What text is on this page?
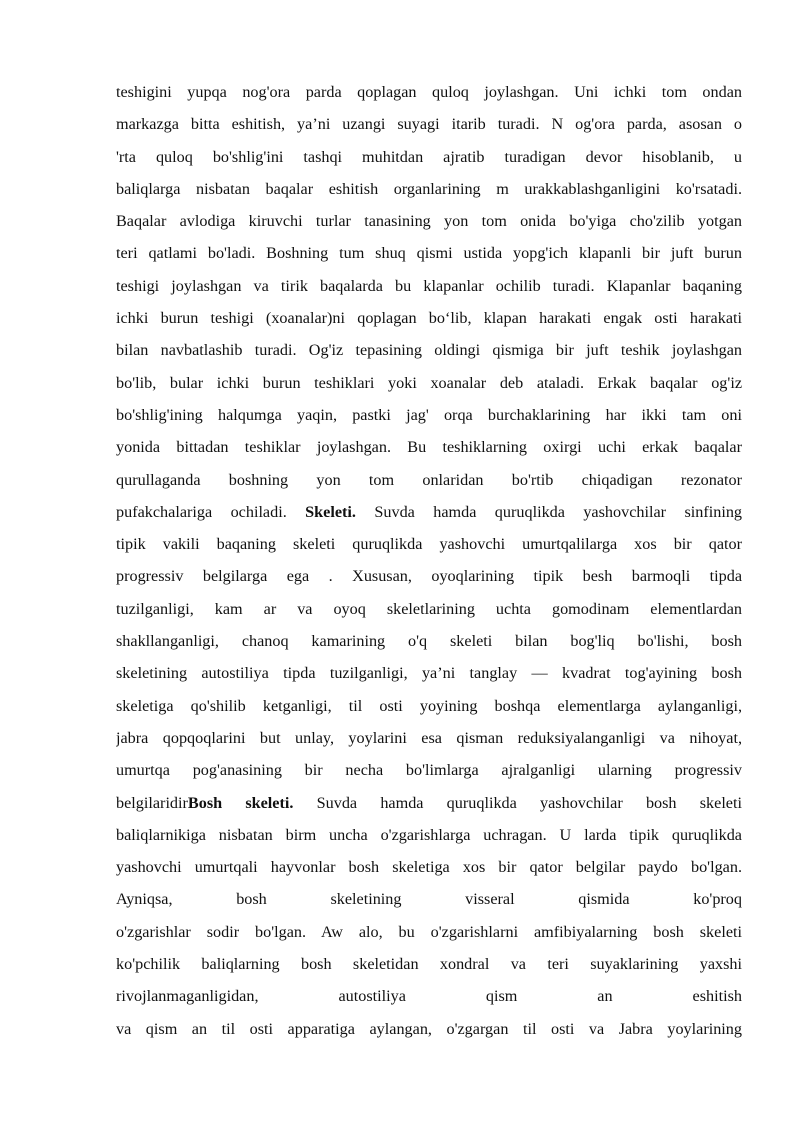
teshigini yupqa nog'ora parda qoplagan quloq joylashgan. Uni ichki tom ondan
markazga bitta eshitish, ya’ni uzangi suyagi itarib turadi. N og'ora parda, asosan o
'rta quloq bo'shlig'ini tashqi muhitdan ajratib turadigan devor hisoblanib, u
baliqlarga nisbatan baqalar eshitish organlarining m urakkablashganligini ko'rsatadi.
Baqalar avlodiga kiruvchi turlar tanasining yon tom onida bo'yiga cho'zilib yotgan
teri qatlami bo'ladi. Boshning tum shuq qismi ustida yopg'ich klapanli bir juft burun
teshigi joylashgan va tirik baqalarda bu klapanlar ochilib turadi. Klapanlar baqaning
ichki burun teshigi (xoanalar)ni qoplagan bo‘lib, klapan harakati engak osti harakati
bilan navbatlashib turadi. Og'iz tepasining oldingi qismiga bir juft teshik joylashgan
bo'lib, bular ichki burun teshiklari yoki xoanalar deb ataladi. Erkak baqalar og'iz
bo'shlig'ining halqumga yaqin, pastki jag' orqa burchaklarining har ikki tam oni
yonida bittadan teshiklar joylashgan. Bu teshiklarning oxirgi uchi erkak baqalar
qurullaganda boshning yon tom onlaridan bo'rtib chiqadigan rezonator
pufakchalariga ochiladi. Skeleti. Suvda hamda quruqlikda yashovchilar sinfining
tipik vakili baqaning skeleti quruqlikda yashovchi umurtqalilarga xos bir qator
progressiv belgilarga ega . Xususan, oyoqlarining tipik besh barmoqli tipda
tuzilganligi, kam ar va oyoq skeletlarining uchta gomodinam elementlardan
shakllanganligi, chanoq kamarining o'q skeleti bilan bog'liq bo'lishi, bosh
skeletining autostiliya tipda tuzilganligi, ya’ni tanglay — kvadrat tog'ayining bosh
skeletiga qo'shilib ketganligi, til osti yoyining boshqa elementlarga aylanganligi,
jabra qopqoqlarini but unlay, yoylarini esa qisman reduksiyalanganligi va nihoyat,
umurtqa pog'anasining bir necha bo'limlarga ajralganligi ularning progressiv
belgilaridirBosh skeleti. Suvda hamda quruqlikda yashovchilar bosh skeleti
baliqlarnikiga nisbatan birm uncha o'zgarishlarga uchragan. U larda tipik quruqlikda
yashovchi umurtqali hayvonlar bosh skeletiga xos bir qator belgilar paydo bo'lgan.
Ayniqsa, bosh skeletining visseral qismida ko'proq
o'zgarishlar sodir bo'lgan. Aw alo, bu o'zgarishlarni amfibiyalarning bosh skeleti
ko'pchilik baliqlarning bosh skeletidan xondral va teri suyaklarining yaxshi
rivojlanmaganligidan, autostiliya qism an eshitish
va qism an til osti apparatiga aylangan, o'zgargan til osti va Jabra yoylarining
